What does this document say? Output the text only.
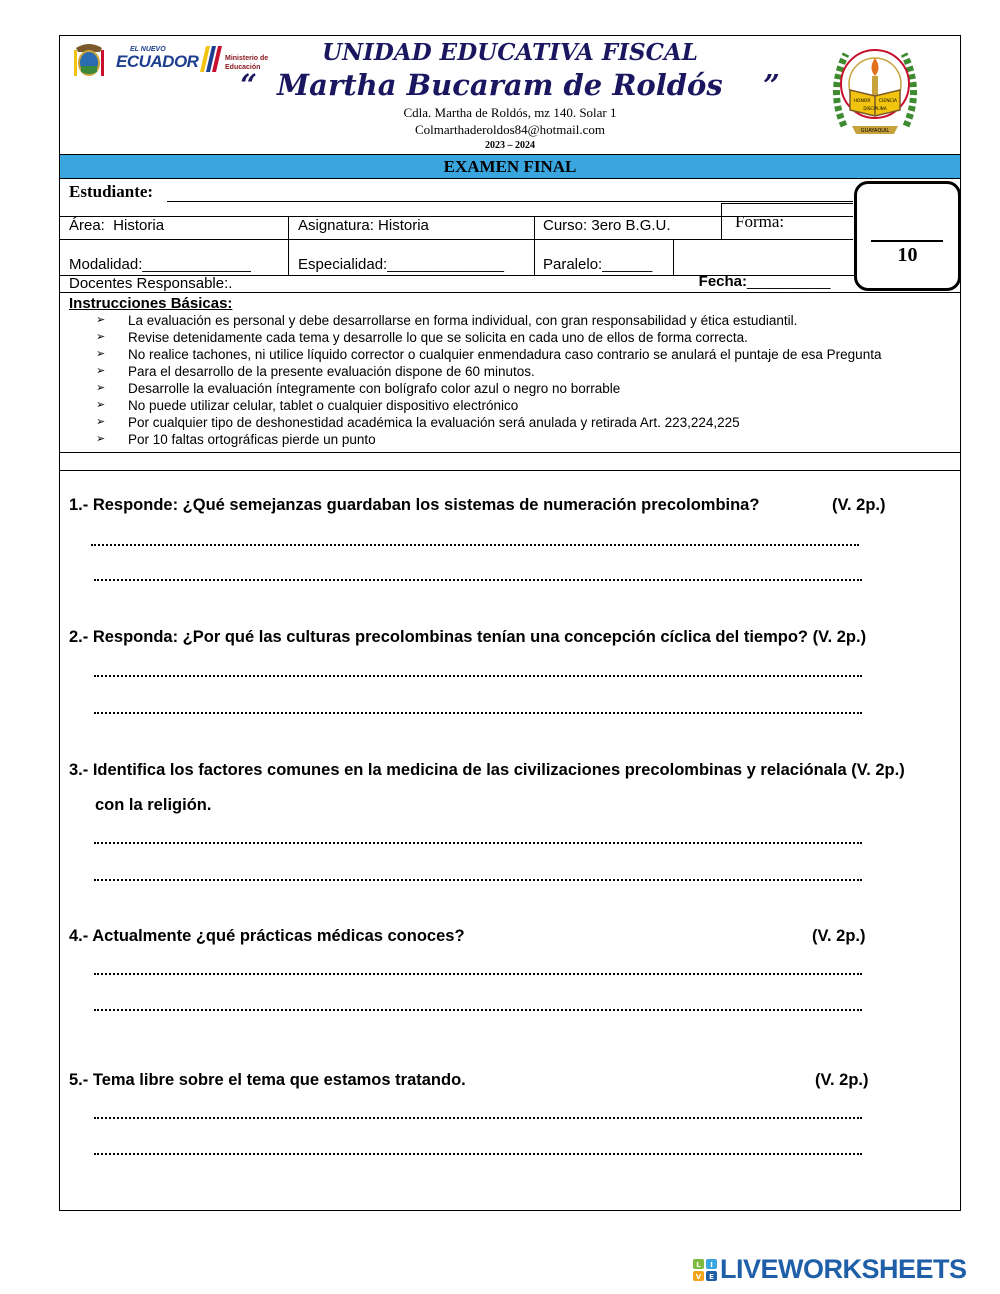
EL NUEVO
ECUADOR	Ministerio de Educación
UNIDAD EDUCATIVA FISCAL
“  Martha Bucaram de Roldós    ”
Cdla. Martha de Roldós, mz 140. Solar 1
Colmarthaderoldos84@hotmail.com
2023 – 2024
HONOR CIENCIA
DISCIPLINA
GUAYAQUIL
EXAMEN FINAL
Estudiante:
Área:  Historia	Asignatura: Historia	Curso: 3ero B.G.U.	Forma:
Modalidad:_____________	Especialidad:______________	Paralelo:______

Fecha:__________

Docentes Responsable:.
10
Instrucciones Básicas:
➢ La evaluación es personal y debe desarrollarse en forma individual, con gran responsabilidad y ética estudiantil.
➢ Revise detenidamente cada tema y desarrolle lo que se solicita en cada uno de ellos de forma correcta.
➢ No realice tachones, ni utilice líquido corrector o cualquier enmendadura caso contrario se anulará el puntaje de esa Pregunta
➢ Para el desarrollo de la presente evaluación dispone de 60 minutos.
➢ Desarrolle la evaluación íntegramente con bolígrafo color azul o negro no borrable
➢ No puede utilizar celular, tablet o cualquier dispositivo electrónico
➢ Por cualquier tipo de deshonestidad académica la evaluación será anulada y retirada Art. 223,224,225
➢ Por 10 faltas ortográficas pierde un punto
1.- Responde: ¿Qué semejanzas guardaban los sistemas de numeración precolombina?	(V. 2p.)
2.- Responda: ¿Por qué las culturas precolombinas tenían una concepción cíclica del tiempo? (V. 2p.)
3.- Identifica los factores comunes en la medicina de las civilizaciones precolombinas y relaciónala (V. 2p.)
con la religión.
4.- Actualmente ¿qué prácticas médicas conoces?	(V. 2p.)
5.- Tema libre sobre el tema que estamos tratando.	(V. 2p.)
L I
V E LIVEWORKSHEETS
